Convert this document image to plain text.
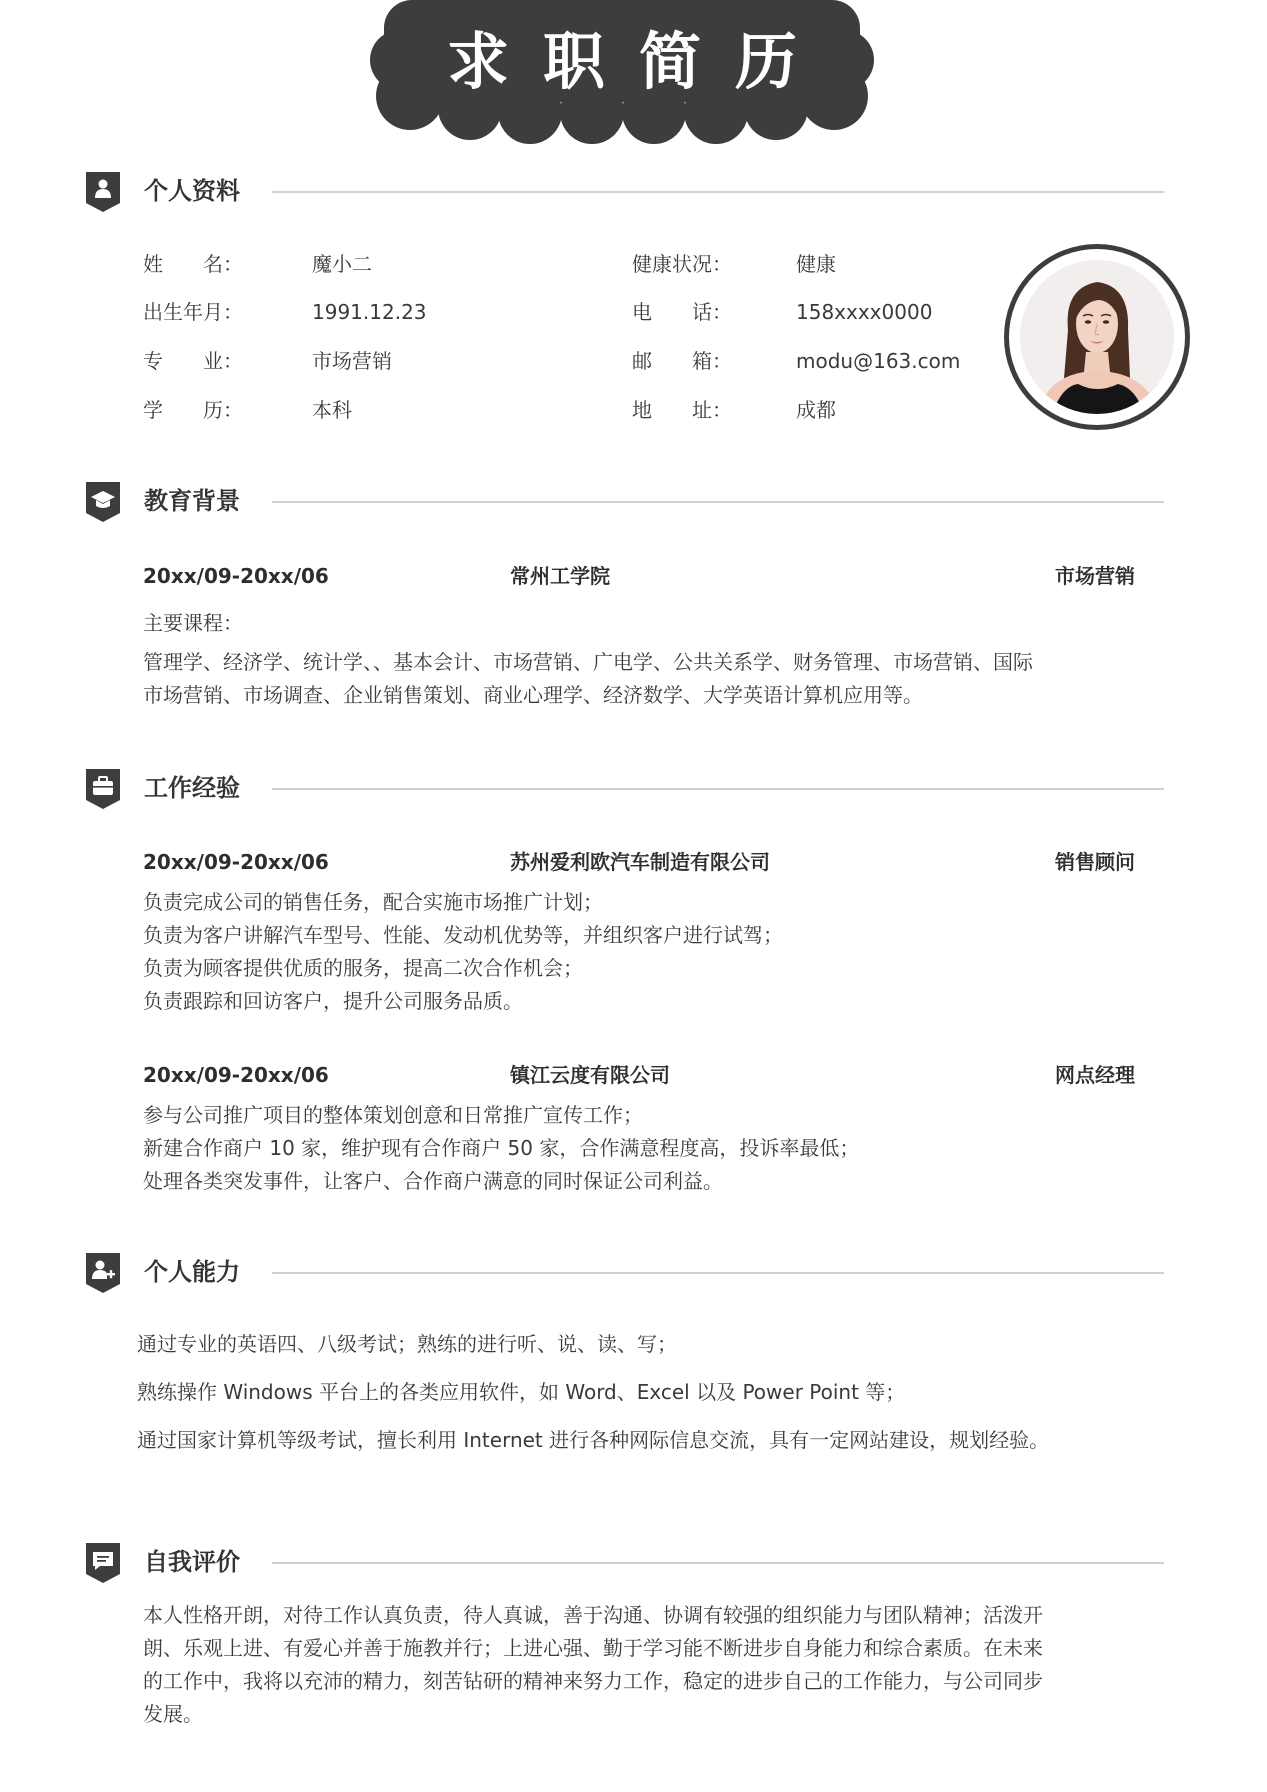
求职简历
个人资料
姓　　名：	魔小二
出生年月：	1991.12.23
专　　业：	市场营销
学　　历：	本科
健康状况：	健康
电　　话：	158xxxx0000
邮　　箱：	modu@163.com
地　　址：	成都
教育背景
20xx/09-20xx/06	常州工学院	市场营销
主要课程：
管理学、经济学、统计学、、基本会计、市场营销、广电学、公共关系学、财务管理、市场营销、国际
市场营销、市场调查、企业销售策划、商业心理学、经济数学、大学英语计算机应用等。
工作经验
20xx/09-20xx/06	苏州爱利欧汽车制造有限公司	销售顾问
负责完成公司的销售任务，配合实施市场推广计划；
负责为客户讲解汽车型号、性能、发动机优势等，并组织客户进行试驾；
负责为顾客提供优质的服务，提高二次合作机会；
负责跟踪和回访客户，提升公司服务品质。
20xx/09-20xx/06	镇江云度有限公司	网点经理
参与公司推广项目的整体策划创意和日常推广宣传工作；
新建合作商户 10 家，维护现有合作商户 50 家，合作满意程度高，投诉率最低；
处理各类突发事件，让客户、合作商户满意的同时保证公司利益。
个人能力
通过专业的英语四、八级考试；熟练的进行听、说、读、写；
熟练操作 Windows 平台上的各类应用软件，如 Word、Excel 以及 Power Point 等；
通过国家计算机等级考试，擅长利用 Internet 进行各种网际信息交流，具有一定网站建设，规划经验。
自我评价
本人性格开朗，对待工作认真负责，待人真诚，善于沟通、协调有较强的组织能力与团队精神；活泼开
朗、乐观上进、有爱心并善于施教并行；上进心强、勤于学习能不断进步自身能力和综合素质。在未来
的工作中，我将以充沛的精力，刻苦钻研的精神来努力工作，稳定的进步自己的工作能力，与公司同步
发展。
